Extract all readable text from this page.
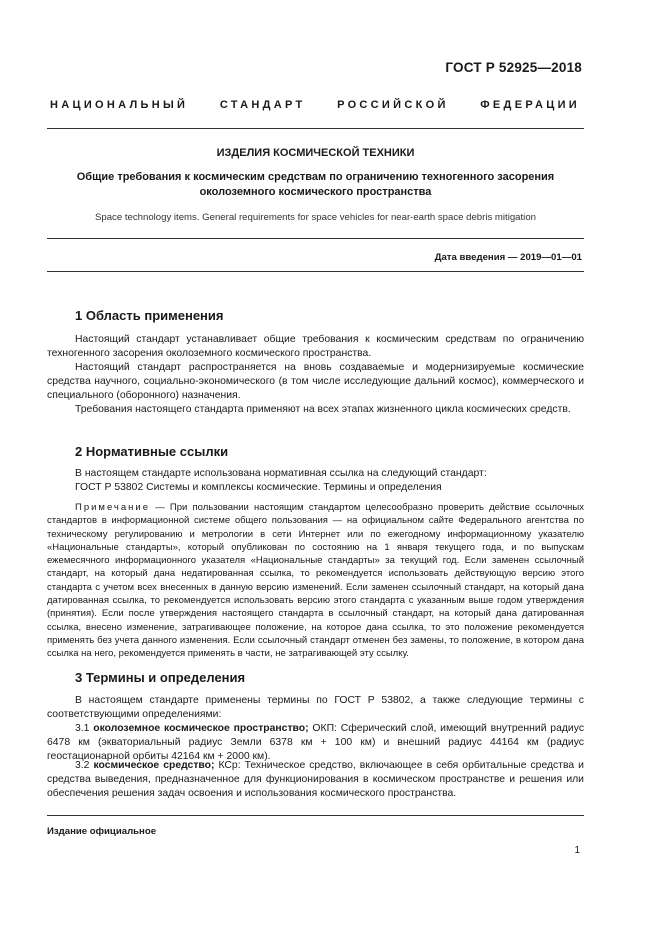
ГОСТ Р 52925—2018
НАЦИОНАЛЬНЫЙ СТАНДАРТ РОССИЙСКОЙ ФЕДЕРАЦИИ
ИЗДЕЛИЯ КОСМИЧЕСКОЙ ТЕХНИКИ
Общие требования к космическим средствам по ограничению техногенного засорения
околоземного космического пространства
Space technology items. General requirements for space vehicles for near-earth space debris mitigation
Дата введения — 2019—01—01
1 Область применения

Настоящий стандарт устанавливает общие требования к космическим средствам по ограничению техногенного засорения околоземного космического пространства.

Настоящий стандарт распространяется на вновь создаваемые и модернизируемые космические средства научного, социально-экономического (в том числе исследующие дальний космос), коммерческого и специального (оборонного) назначения.

Требования настоящего стандарта применяют на всех этапах жизненного цикла космических средств.

2 Нормативные ссылки

В настоящем стандарте использована нормативная ссылка на следующий стандарт:

ГОСТ Р 53802 Системы и комплексы космические. Термины и определения

Примечание — При пользовании настоящим стандартом целесообразно проверить действие ссылочных стандартов в информационной системе общего пользования — на официальном сайте Федерального агентства по техническому регулированию и метрологии в сети Интернет или по ежегодному информационному указателю «Национальные стандарты», который опубликован по состоянию на 1 января текущего года, и по выпускам ежемесячного информационного указателя «Национальные стандарты» за текущий год. Если заменен ссылочный стандарт, на который дана недатированная ссылка, то рекомендуется использовать действующую версию этого стандарта с учетом всех внесенных в данную версию изменений. Если заменен ссылочный стандарт, на который дана датированная ссылка, то рекомендуется использовать версию этого стандарта с указанным выше годом утверждения (принятия). Если после утверждения настоящего стандарта в ссылочный стандарт, на который дана датированная ссылка, внесено изменение, затрагивающее положение, на которое дана ссылка, то это положение рекомендуется применять без учета данного изменения. Если ссылочный стандарт отменен без замены, то положение, в котором дана ссылка на него, рекомендуется применять в части, не затрагивающей эту ссылку.

3 Термины и определения

В настоящем стандарте применены термины по ГОСТ Р 53802, а также следующие термины с соответствующими определениями:

3.1 околоземное космическое пространство; ОКП: Сферический слой, имеющий внутренний радиус 6478 км (экваториальный радиус Земли 6378 км + 100 км) и внешний радиус 44164 км (радиус геостационарной орбиты 42164 км + 2000 км).

3.2 космическое средство; КСр: Техническое средство, включающее в себя орбитальные средства и средства выведения, предназначенное для функционирования в космическом пространстве и решения или обеспечения решения задач освоения и использования космического пространства.

Издание официальное
1
